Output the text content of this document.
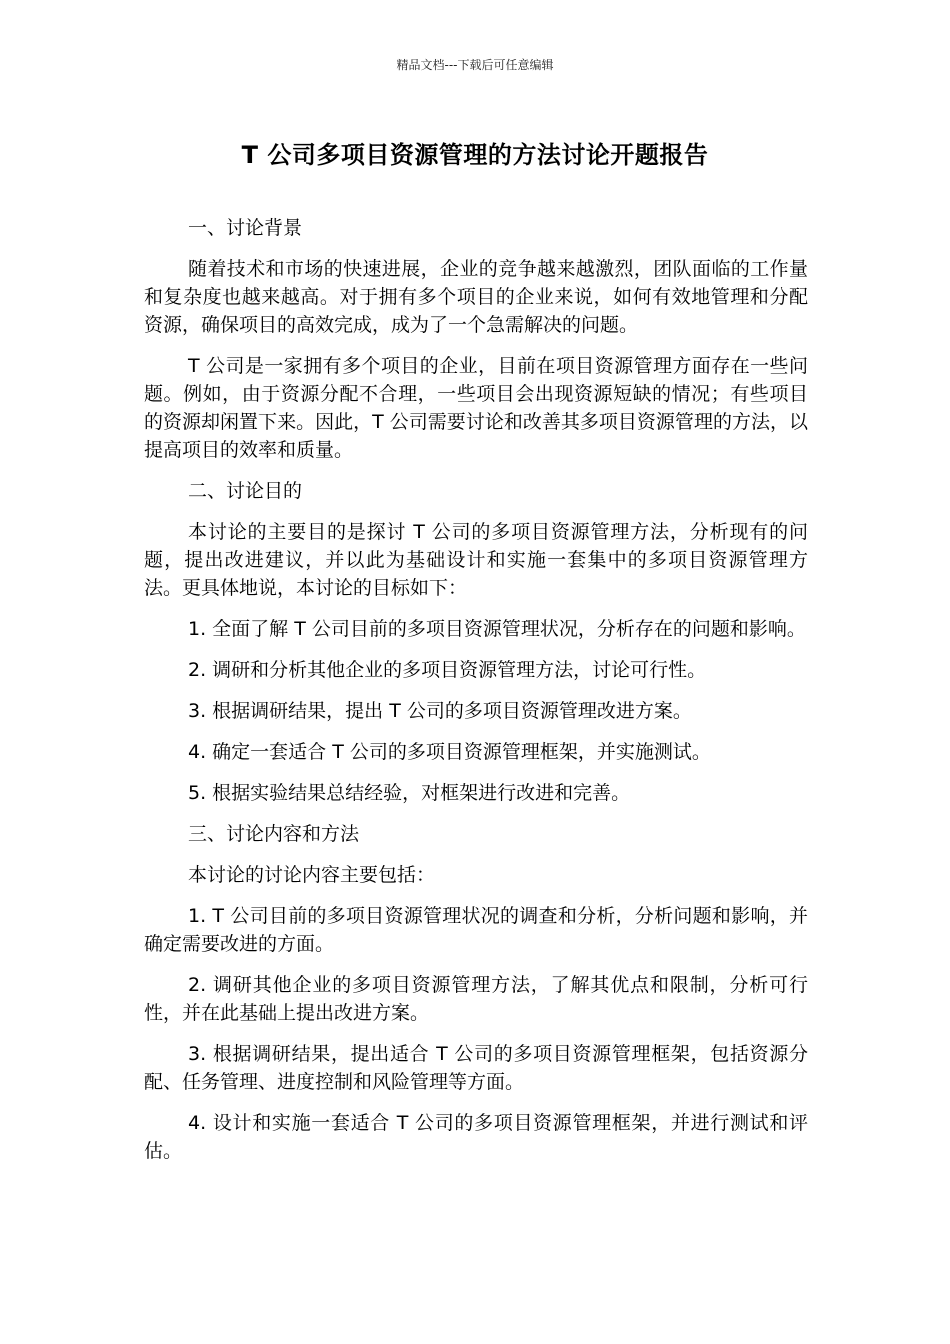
精品文档---下载后可任意编辑
T 公司多项目资源管理的方法讨论开题报告

一、讨论背景

随着技术和市场的快速进展，企业的竞争越来越激烈，团队面临的工作量和复杂度也越来越高。对于拥有多个项目的企业来说，如何有效地管理和分配资源，确保项目的高效完成，成为了一个急需解决的问题。

T 公司是一家拥有多个项目的企业，目前在项目资源管理方面存在一些问题。例如，由于资源分配不合理，一些项目会出现资源短缺的情况；有些项目的资源却闲置下来。因此，T 公司需要讨论和改善其多项目资源管理的方法，以提高项目的效率和质量。

二、讨论目的

本讨论的主要目的是探讨 T 公司的多项目资源管理方法，分析现有的问题，提出改进建议，并以此为基础设计和实施一套集中的多项目资源管理方法。更具体地说，本讨论的目标如下：

1. 全面了解 T 公司目前的多项目资源管理状况，分析存在的问题和影响。

2. 调研和分析其他企业的多项目资源管理方法，讨论可行性。

3. 根据调研结果，提出 T 公司的多项目资源管理改进方案。

4. 确定一套适合 T 公司的多项目资源管理框架，并实施测试。

5. 根据实验结果总结经验，对框架进行改进和完善。

三、讨论内容和方法

本讨论的讨论内容主要包括：

1. T 公司目前的多项目资源管理状况的调查和分析，分析问题和影响，并确定需要改进的方面。

2. 调研其他企业的多项目资源管理方法，了解其优点和限制，分析可行性，并在此基础上提出改进方案。

3. 根据调研结果，提出适合 T 公司的多项目资源管理框架，包括资源分配、任务管理、进度控制和风险管理等方面。

4. 设计和实施一套适合 T 公司的多项目资源管理框架，并进行测试和评估。
